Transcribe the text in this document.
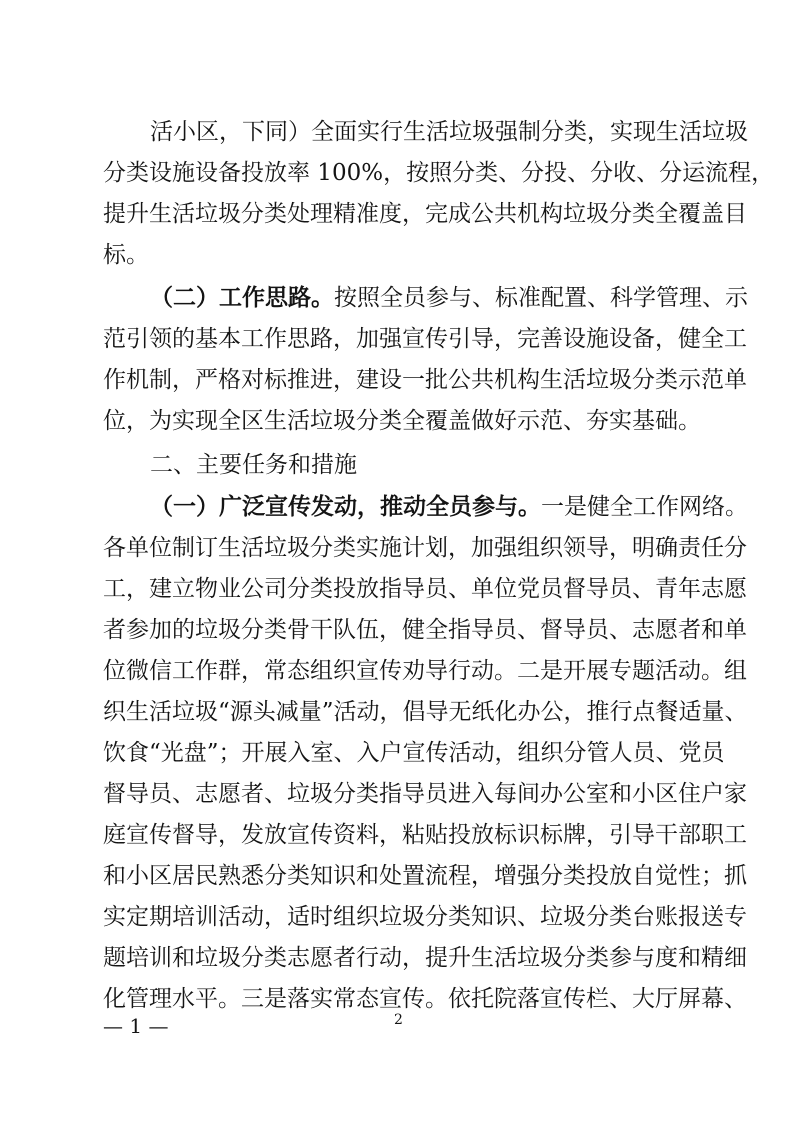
活小区，下同）全面实行生活垃圾强制分类，实现生活垃圾
分类设施设备投放率 100%，按照分类、分投、分收、分运流程，
提升生活垃圾分类处理精准度，完成公共机构垃圾分类全覆盖目
标。
（二）工作思路。按照全员参与、标准配置、科学管理、示
范引领的基本工作思路，加强宣传引导，完善设施设备，健全工
作机制，严格对标推进，建设一批公共机构生活垃圾分类示范单
位，为实现全区生活垃圾分类全覆盖做好示范、夯实基础。
二、主要任务和措施
（一）广泛宣传发动，推动全员参与。一是健全工作网络。
各单位制订生活垃圾分类实施计划，加强组织领导，明确责任分
工，建立物业公司分类投放指导员、单位党员督导员、青年志愿
者参加的垃圾分类骨干队伍，健全指导员、督导员、志愿者和单
位微信工作群，常态组织宣传劝导行动。二是开展专题活动。组
织生活垃圾“源头减量”活动，倡导无纸化办公，推行点餐适量、
饮食“光盘”；开展入室、入户宣传活动，组织分管人员、党员
督导员、志愿者、垃圾分类指导员进入每间办公室和小区住户家
庭宣传督导，发放宣传资料，粘贴投放标识标牌，引导干部职工
和小区居民熟悉分类知识和处置流程，增强分类投放自觉性；抓
实定期培训活动，适时组织垃圾分类知识、垃圾分类台账报送专
题培训和垃圾分类志愿者行动，提升生活垃圾分类参与度和精细
化管理水平。三是落实常态宣传。依托院落宣传栏、大厅屏幕、
— 1 —	2
